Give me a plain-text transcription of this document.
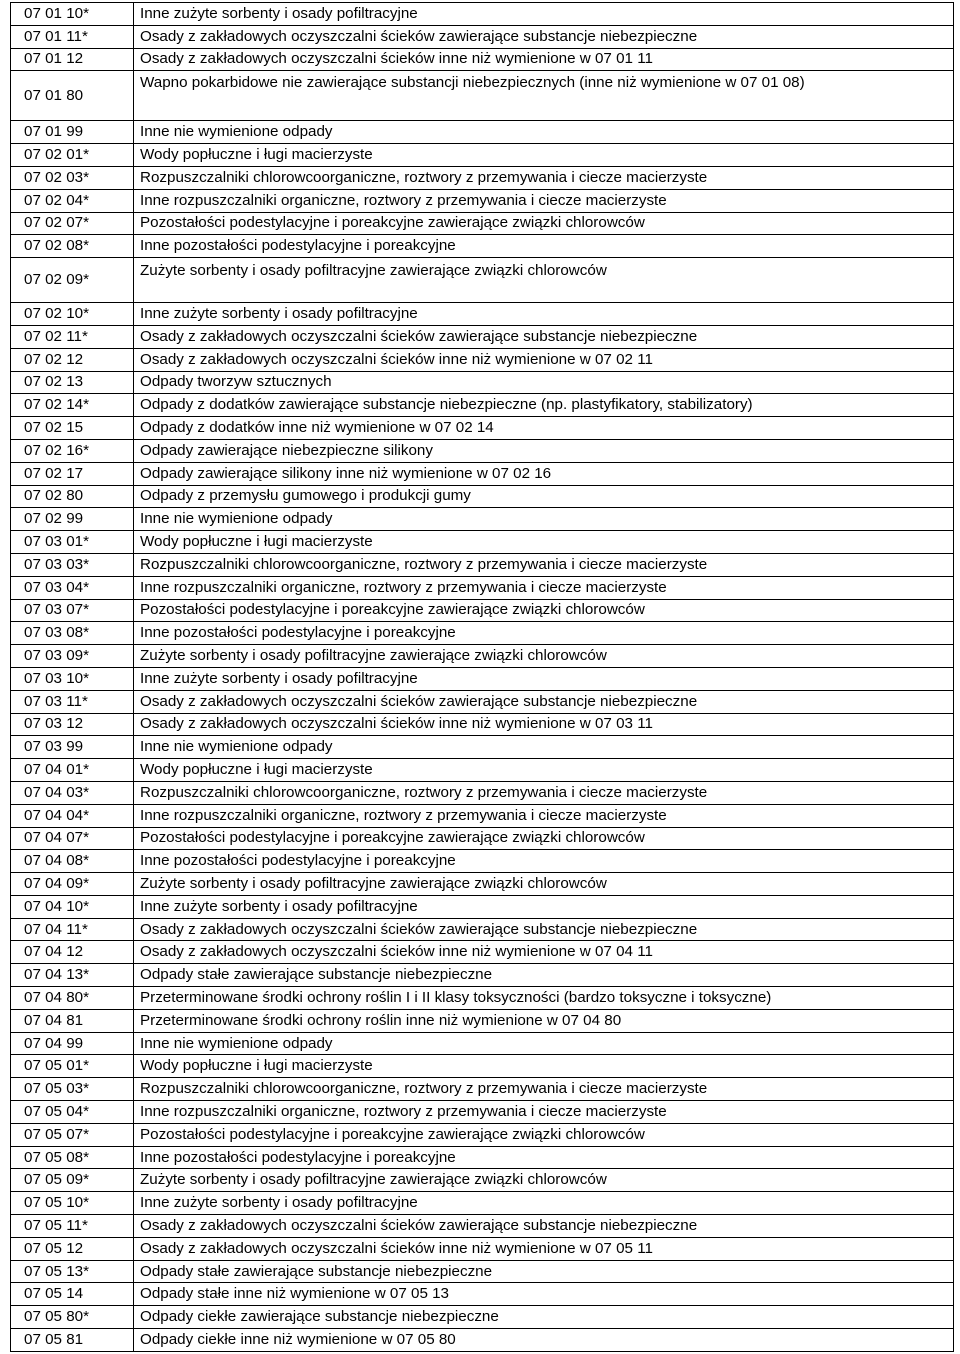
07 01 10*	Inne zużyte sorbenty i osady pofiltracyjne
07 01 11*	Osady z zakładowych oczyszczalni ścieków zawierające substancje niebezpieczne
07 01 12	Osady z zakładowych oczyszczalni ścieków inne niż wymienione w 07 01 11
07 01 80	Wapno pokarbidowe nie zawierające substancji niebezpiecznych (inne niż wymienione w 07 01 08)
07 01 99	Inne nie wymienione odpady
07 02 01*	Wody popłuczne i ługi macierzyste
07 02 03*	Rozpuszczalniki chlorowcoorganiczne, roztwory z przemywania i ciecze macierzyste
07 02 04*	Inne rozpuszczalniki organiczne, roztwory z przemywania i ciecze macierzyste
07 02 07*	Pozostałości podestylacyjne i poreakcyjne zawierające związki chlorowców
07 02 08*	Inne pozostałości podestylacyjne i poreakcyjne
07 02 09*	Zużyte sorbenty i osady pofiltracyjne zawierające związki chlorowców
07 02 10*	Inne zużyte sorbenty i osady pofiltracyjne
07 02 11*	Osady z zakładowych oczyszczalni ścieków zawierające substancje niebezpieczne
07 02 12	Osady z zakładowych oczyszczalni ścieków inne niż wymienione w 07 02 11
07 02 13	Odpady tworzyw sztucznych
07 02 14*	Odpady z dodatków zawierające substancje niebezpieczne (np. plastyfikatory, stabilizatory)
07 02 15	Odpady z dodatków inne niż wymienione w 07 02 14
07 02 16*	Odpady zawierające niebezpieczne silikony
07 02 17	Odpady zawierające silikony inne niż wymienione w 07 02 16
07 02 80	Odpady z przemysłu gumowego i produkcji gumy
07 02 99	Inne nie wymienione odpady
07 03 01*	Wody popłuczne i ługi macierzyste
07 03 03*	Rozpuszczalniki chlorowcoorganiczne, roztwory z przemywania i ciecze macierzyste
07 03 04*	Inne rozpuszczalniki organiczne, roztwory z przemywania i ciecze macierzyste
07 03 07*	Pozostałości podestylacyjne i poreakcyjne zawierające związki chlorowców
07 03 08*	Inne pozostałości podestylacyjne i poreakcyjne
07 03 09*	Zużyte sorbenty i osady pofiltracyjne zawierające związki chlorowców
07 03 10*	Inne zużyte sorbenty i osady pofiltracyjne
07 03 11*	Osady z zakładowych oczyszczalni ścieków zawierające substancje niebezpieczne
07 03 12	Osady z zakładowych oczyszczalni ścieków inne niż wymienione w 07 03 11
07 03 99	Inne nie wymienione odpady
07 04 01*	Wody popłuczne i ługi macierzyste
07 04 03*	Rozpuszczalniki chlorowcoorganiczne, roztwory z przemywania i ciecze macierzyste
07 04 04*	Inne rozpuszczalniki organiczne, roztwory z przemywania i ciecze macierzyste
07 04 07*	Pozostałości podestylacyjne i poreakcyjne zawierające związki chlorowców
07 04 08*	Inne pozostałości podestylacyjne i poreakcyjne
07 04 09*	Zużyte sorbenty i osady pofiltracyjne zawierające związki chlorowców
07 04 10*	Inne zużyte sorbenty i osady pofiltracyjne
07 04 11*	Osady z zakładowych oczyszczalni ścieków zawierające substancje niebezpieczne
07 04 12	Osady z zakładowych oczyszczalni ścieków inne niż wymienione w 07 04 11
07 04 13*	Odpady stałe zawierające substancje niebezpieczne
07 04 80*	Przeterminowane środki ochrony roślin I i II klasy toksyczności (bardzo toksyczne i toksyczne)
07 04 81	Przeterminowane środki ochrony roślin inne niż wymienione w 07 04 80
07 04 99	Inne nie wymienione odpady
07 05 01*	Wody popłuczne i ługi macierzyste
07 05 03*	Rozpuszczalniki chlorowcoorganiczne, roztwory z przemywania i ciecze macierzyste
07 05 04*	Inne rozpuszczalniki organiczne, roztwory z przemywania i ciecze macierzyste
07 05 07*	Pozostałości podestylacyjne i poreakcyjne zawierające związki chlorowców
07 05 08*	Inne pozostałości podestylacyjne i poreakcyjne
07 05 09*	Zużyte sorbenty i osady pofiltracyjne zawierające związki chlorowców
07 05 10*	Inne zużyte sorbenty i osady pofiltracyjne
07 05 11*	Osady z zakładowych oczyszczalni ścieków zawierające substancje niebezpieczne
07 05 12	Osady z zakładowych oczyszczalni ścieków inne niż wymienione w 07 05 11
07 05 13*	Odpady stałe zawierające substancje niebezpieczne
07 05 14	Odpady stałe inne niż wymienione w 07 05 13
07 05 80*	Odpady ciekłe zawierające substancje niebezpieczne
07 05 81	Odpady ciekłe inne niż wymienione w 07 05 80
